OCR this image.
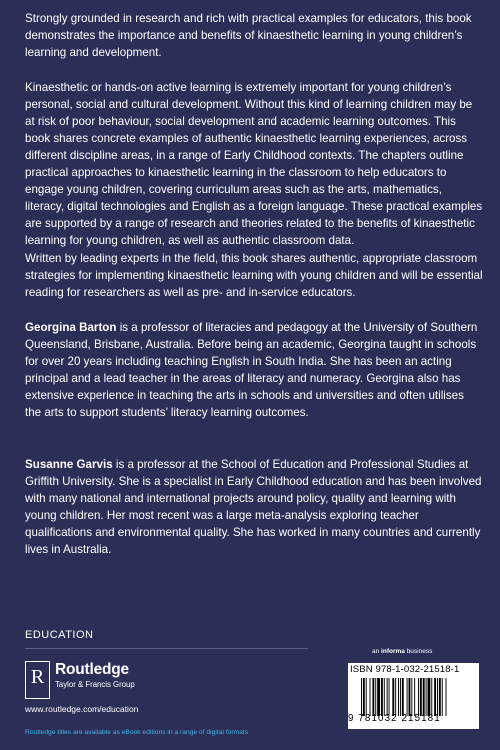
Strongly grounded in research and rich with practical examples for educators, this book demonstrates the importance and benefits of kinaesthetic learning in young children’s learning and development.

Kinaesthetic or hands-on active learning is extremely important for young children’s personal, social and cultural development. Without this kind of learning children may be at risk of poor behaviour, social development and academic learning outcomes. This book shares concrete examples of authentic kinaesthetic learning experiences, across different discipline areas, in a range of Early Childhood contexts. The chapters outline practical approaches to kinaesthetic learning in the classroom to help educators to engage young children, covering curriculum areas such as the arts, mathematics, literacy, digital technologies and English as a foreign language. These practical examples are supported by a range of research and theories related to the benefits of kinaesthetic learning for young children, as well as authentic classroom data.

Written by leading experts in the field, this book shares authentic, appropriate classroom strategies for implementing kinaesthetic learning with young children and will be essential reading for researchers as well as pre- and in-service educators.

Georgina Barton is a professor of literacies and pedagogy at the University of Southern Queensland, Brisbane, Australia. Before being an academic, Georgina taught in schools for over 20 years including teaching English in South India. She has been an acting principal and a lead teacher in the areas of literacy and numeracy. Georgina also has extensive experience in teaching the arts in schools and universities and often utilises the arts to support students’ literacy learning outcomes.

Susanne Garvis is a professor at the School of Education and Professional Studies at Griffith University. She is a specialist in Early Childhood education and has been involved with many national and international projects around policy, quality and learning with young children. Her most recent was a large meta-analysis exploring teacher qualifications and environmental quality. She has worked in many countries and currently lives in Australia.

EDUCATION
R Routledge
Taylor & Francis Group
www.routledge.com/education
Routledge titles are available as eBook editions in a range of digital formats
an informa business
ISBN 978-1-032-21518-1
9 781032 215181
